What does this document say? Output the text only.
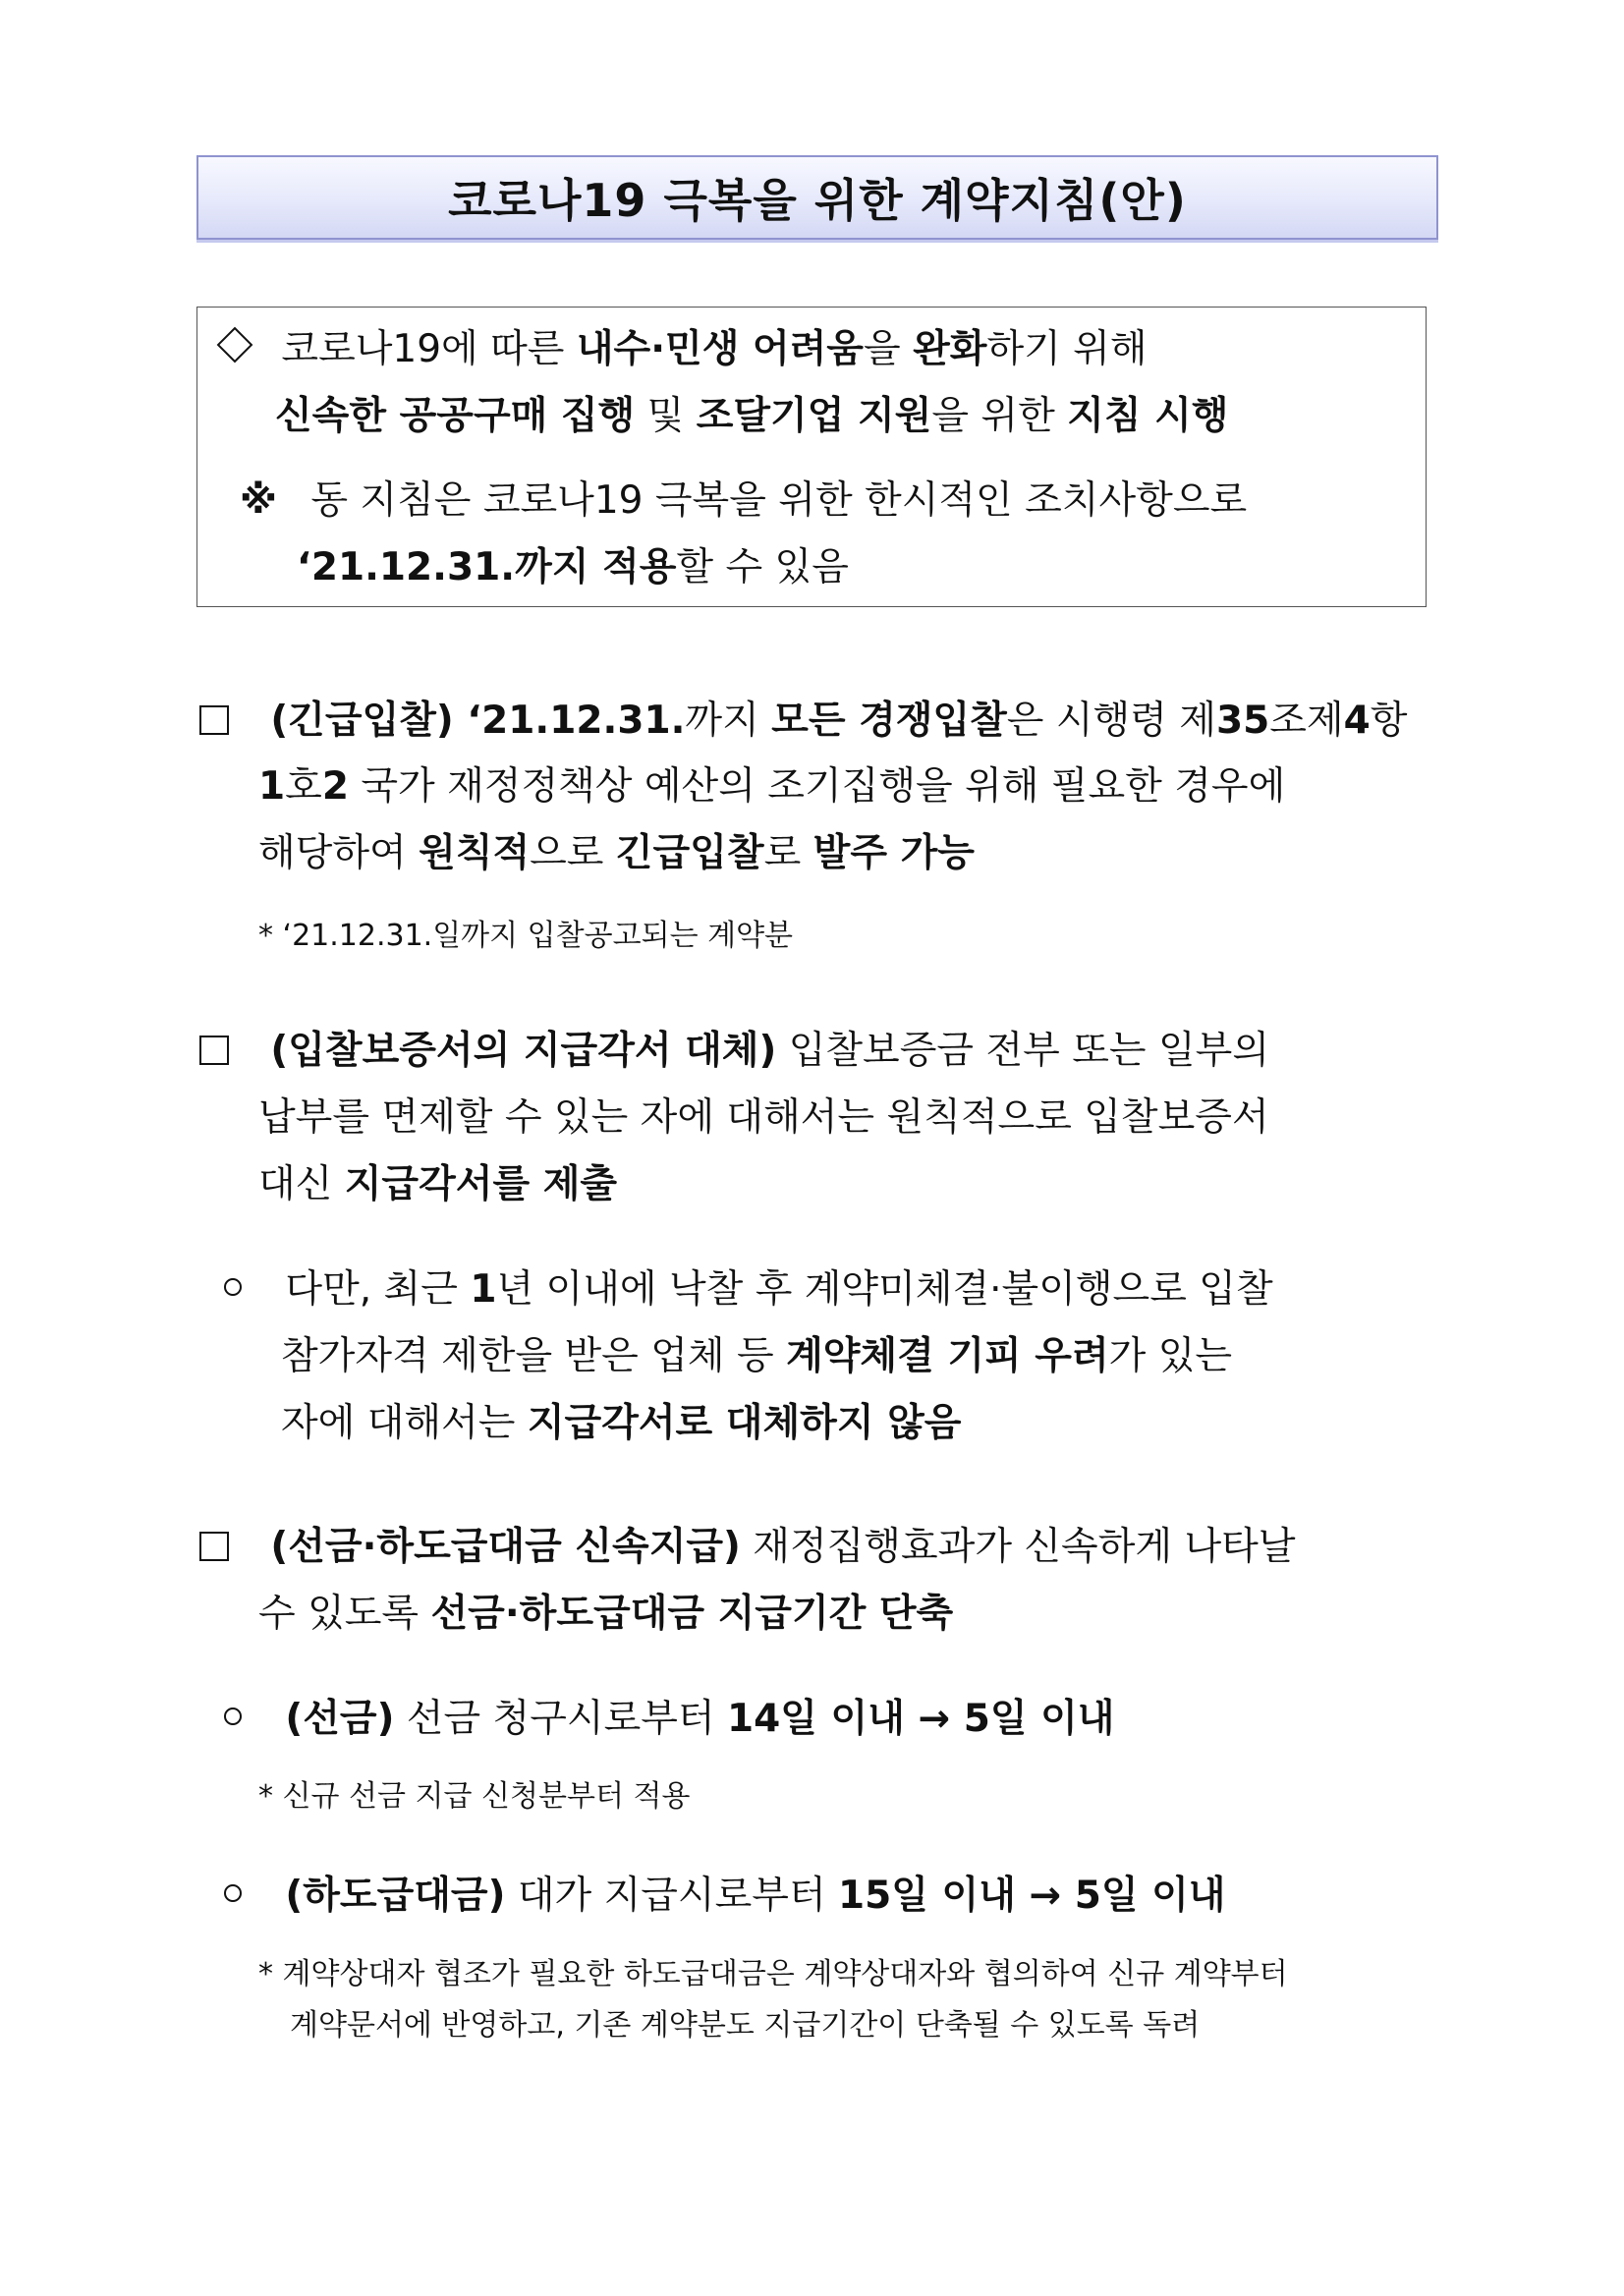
코로나19 극복을 위한 계약지침(안)
코로나19에 따른 내수·민생 어려움을 완화하기 위해
신속한 공공구매 집행 및 조달기업 지원을 위한 지침 시행
※ 동 지침은 코로나19 극복을 위한 한시적인 조치사항으로
‘21.12.31.까지 적용할 수 있음
(긴급입찰) ‘21.12.31.까지 모든 경쟁입찰은 시행령 제35조제4항
1호2 국가 재정정책상 예산의 조기집행을 위해 필요한 경우에
해당하여 원칙적으로 긴급입찰로 발주 가능
* ‘21.12.31.일까지 입찰공고되는 계약분
(입찰보증서의 지급각서 대체) 입찰보증금 전부 또는 일부의
납부를 면제할 수 있는 자에 대해서는 원칙적으로 입찰보증서
대신 지급각서를 제출
다만, 최근 1년 이내에 낙찰 후 계약미체결·불이행으로 입찰
참가자격 제한을 받은 업체 등 계약체결 기피 우려가 있는
자에 대해서는 지급각서로 대체하지 않음
(선금·하도급대금 신속지급) 재정집행효과가 신속하게 나타날
수 있도록 선금·하도급대금 지급기간 단축
(선금) 선금 청구시로부터 14일 이내 → 5일 이내
* 신규 선금 지급 신청분부터 적용
(하도급대금) 대가 지급시로부터 15일 이내 → 5일 이내
* 계약상대자 협조가 필요한 하도급대금은 계약상대자와 협의하여 신규 계약부터
계약문서에 반영하고, 기존 계약분도 지급기간이 단축될 수 있도록 독려
